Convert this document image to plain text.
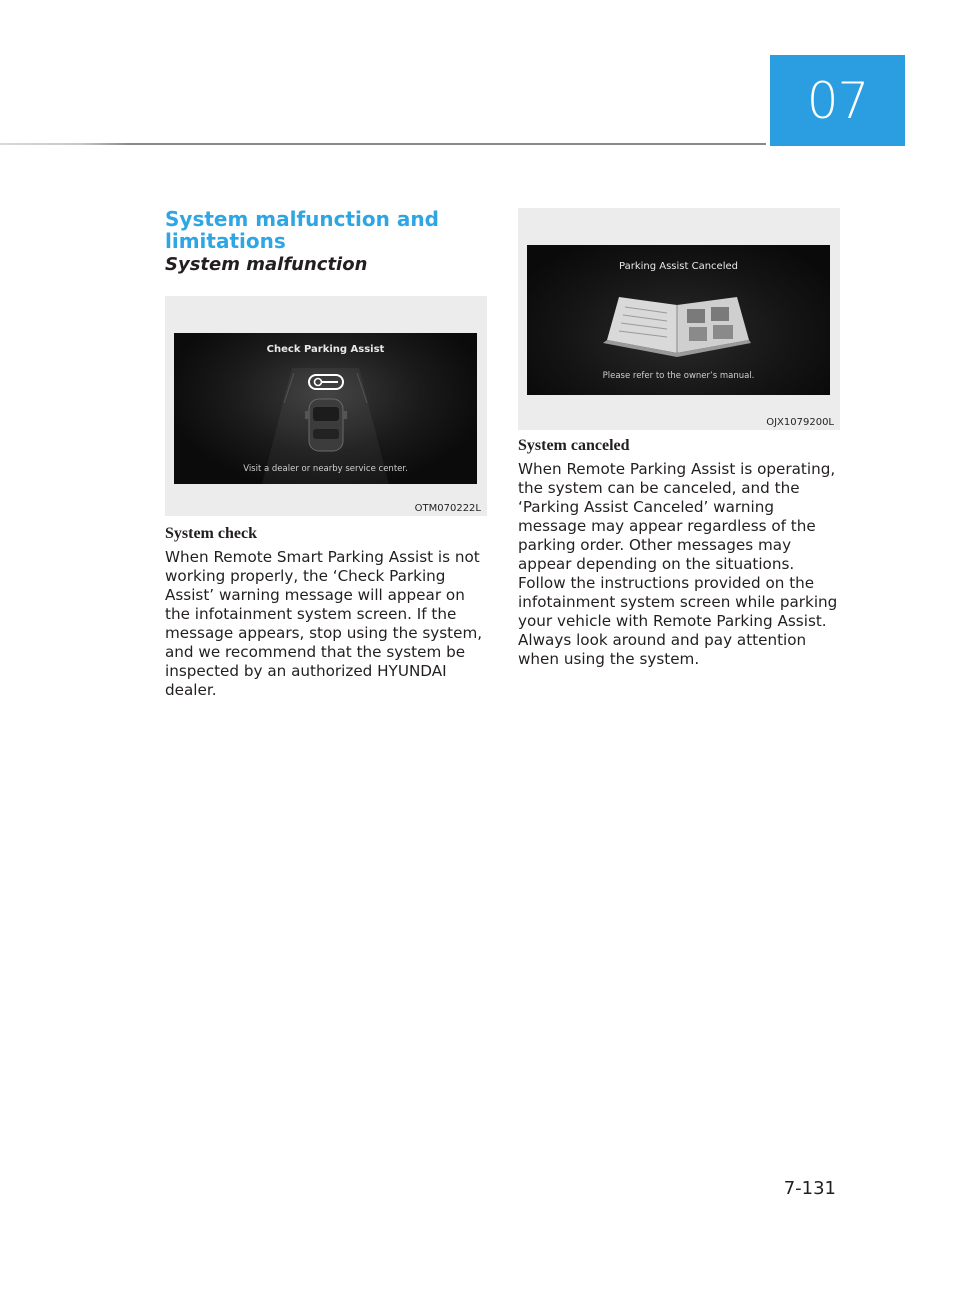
07
System malfunction and
limitations
System malfunction
Check Parking Assist
Visit a dealer or nearby service center.
OTM070222L
System check

When Remote Smart Parking Assist is not working properly, the ‘Check Parking Assist’ warning message will appear on the infotainment system screen. If the message appears, stop using the system, and we recommend that the system be inspected by an authorized HYUNDAI dealer.

Parking Assist Canceled
Please refer to the owner’s manual.
OJX1079200L
System canceled

When Remote Parking Assist is operating, the system can be canceled, and the ‘Parking Assist Canceled’ warning message may appear regardless of the parking order. Other messages may appear depending on the situations. Follow the instructions provided on the infotainment system screen while parking your vehicle with Remote Parking Assist. Always look around and pay attention when using the system.

7-131
